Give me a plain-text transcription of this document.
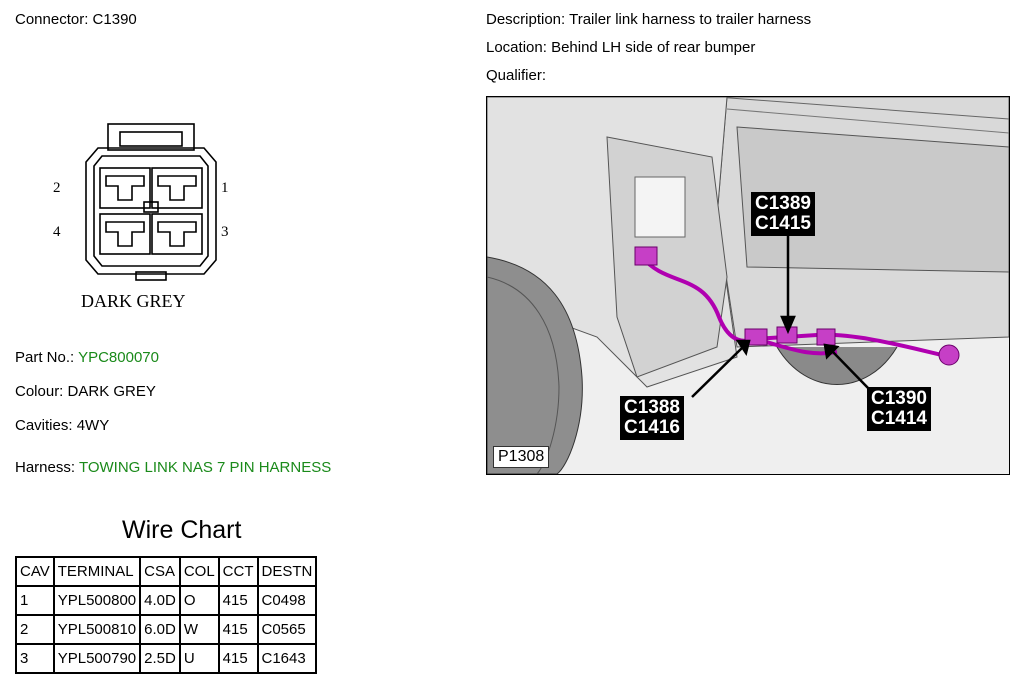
Connector: C1390	Description: Trailer link harness to trailer harness
Location: Behind LH side of rear bumper
Qualifier:
2	1
4	3
DARK GREY
Part No.: YPC800070
Colour: DARK GREY
Cavities: 4WY
Harness: TOWING LINK NAS 7 PIN HARNESS
Wire Chart
CAV	TERMINAL	CSA	COL	CCT	DESTN
1	YPL500800	4.0D	O	415	C0498
2	YPL500810	6.0D	W	415	C0565
3	YPL500790	2.5D	U	415	C1643
C1389
C1415
C1388
C1416
C1390
C1414
P1308
